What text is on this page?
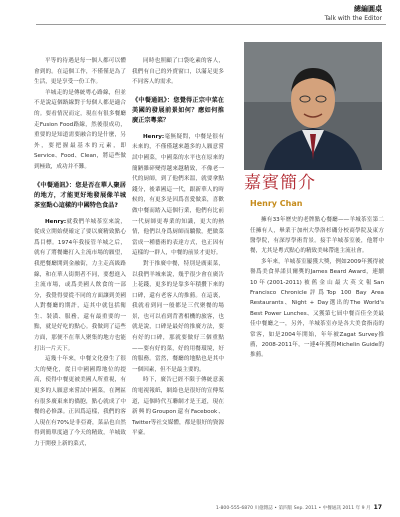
總編圓桌
Talk with the Editor

平等的待遇是每一個人都可以體會到的。在這個工作，不僅僅是為了生活，更是享受一份工作。

羊城走的是傳統粵心路線，但並不是說這個路線對于每個人都是適合的。要看情況而定，現在有很多餐廳走Fusion Food路線，然後很成功，重要的是知道需要融合的是什麼，另外，要把握最基本的元素，即Service、Food、Clean，將這些做到極致，成功并不難。

《中餐通訊》：您是否在華人聚居的地方，才能更好地發展像羊城茶室點心這樣的中國特色食品?

Henry:就我們羊城茶室來說，從成立開始便確定了要以廣精致點心爲目標。1974年我接管羊城之后，就有了將餐廳打入主流市場的願望，我把餐廳開到金融街，力主走高級路線，和在華人街開者不同，要想進入主流市場，或爲美國人飲食的一部分，我覺得要從不同的方面讓到美國人對餐廳的期許，這其中就包括衛生、裝潢、服務，還有最重要的一點，就是好吃的點心。我做到了這些方面，那便不在華人聚集的地方也能打出一片天下。

這幾十年來，中餐文化發生了很大的變化，從日中國國際地位的提高，使得中餐更被美國人所重視，有更多的人願意來嘗試中國菜，在灣區有很多廣東來的僑胞，點心就成了中餐的必修課。正因爲這樣，我們的客人現在有70%是非亞裔，菜品也自然得到簡單度過了今天的精致，羊城致力于開發上新的菜式，

同時也照顧了口袋吃素的客人，我們有自己的外賣窗口，以滿足更多不同客人的需求。

《中餐通訊》：您覺得正宗中菜在美國的發展前景如何？應如何推廣正宗粵菜？

Henry:毫無疑問，中餐是很有未來的，不僅僅越來越多的人願意嘗試中國菜，中國菜的水平也在原來的簡陋雜碎變得越來越精致，不像老一代的厨師，到了他們米溫，就要拿點錢分，後輩國這一代，跟新華人的時候的，有更多是因爲喜愛做菜，喜歡做中餐而踏入這個行業，他們有比前一代厨師更專業的知識，更大的熱情，他們以身爲厨師而驕傲，把做菜當成一種藝術的表達方式，也正因有這樣的一群人，中餐的前景才更好。

對于推廣中餐，特別是廣東菜，以我們羊城來說，幾乎很少會在廣告上花錢，更多的是靠多年積攢下來的口碑，還有老客人的推薦。在這裏，我就看到同一般都是三代聚餐的場景，也可以看到背著相機的旅客，也就是說，口碑是最好的推廣方法，要有好的口碑，那就要做好三個重點——要有好的菜，好的用餐環境，好的服務。當然，餐廳的地點也是其中一個因素，但不是最主要的。

時下，廣告已經不限于傳統意義的電視報紙，網絡也是很好的宣傳渠道，這個時代互聯網才是王道，現在新興的Groupon還有Facebook、Twitter等社交媒體，都是很好的資源平臺。

嘉賓簡介
Henry Chan

擁有33年歷史的老牌點心餐廳——羊城茶室第二任擁有人，畢業于加州大學洛杉磯分校商學院及東方醫學院，有深厚學術背景。接手羊城茶室後，他將中餐，尤其是粵式點心的精致美味帶進主流社會。

多年來，羊城茶室屢獲大獎，例如2009年獲得被譽爲美食界諾貝爾獎的James Beard Award，連續10年(2001-2011)被舊金山最大英文報San Francisco Chronicle評爲Top 100 Bay Area Restaurants、Night + Day選出的The World's Best Power Lunches、又獲第七屆中餐百佳全美最佳中餐廳之一，另外，羊城茶室亦是各大美食指南的常客，如是2004年開始，年年被Zagat Survey推薦，2008-2011年，一連4年獲得Michelin Guide的推薦。

1-800-555-6870 川億雜誌 • 第四版 Sep. 2011 • 中餐通訊 2011 年 9 月 17
